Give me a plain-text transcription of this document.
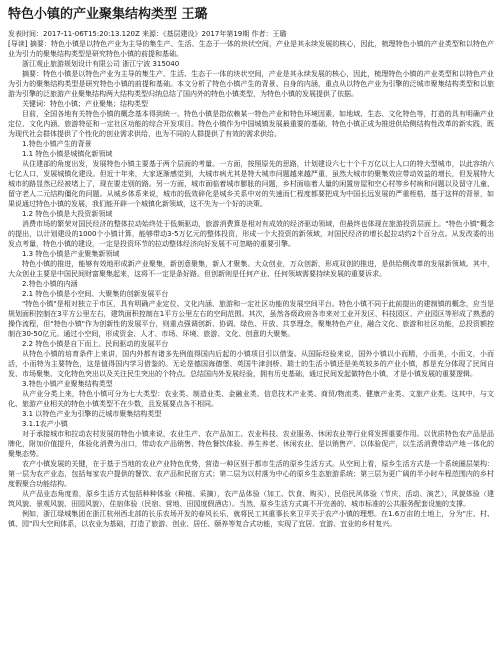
特色小镇的产业聚集结构类型 王璐
发表时间：2017-11-06T15:20:13.120Z 来源：《基层建设》2017年第19期 作者：王璐

[导读] 摘要：特色小镇是以特色产业为主导的集生产、生活、生态于一体的块状空间，产业是其永续发展的核心，因此，梳理特色小镇的产业类型和以特色产业为引力的聚集结构类型是研究特色小镇的前提和基础。

浙江观止旅游规划设计有限公司 浙江宁波 315040

摘要：特色小镇是以特色产业为主导的集生产、生活、生态于一体的块状空间，产业是其永续发展的核心，因此，梳理特色小镇的产业类型和以特色产业为引力的聚集结构类型是研究特色小镇的前提和基础。本文分析了特色小镇产生的背景、自身的内涵，重点从以特色产业为引擎的泛城市聚集结构类型和以旅游为引擎的泛旅游产业聚集结构两大结构类型归纳总结了国内外的特色小镇类型，为特色小镇的发展提供了依据。

关键词：特色小镇；产业聚集；结构类型

目前，全国各地有关特色小镇的概念基本得到统一。特色小镇是指依赖某一特色产业和特色环境因素，如地域、生态、文化特色等，打造的具有明确产业定位、文化内涵、旅游特征和一定社区功能的综合开发项目。特色小镇作为中国城镇发展最重要的基础，特色小镇正成为推进供给侧结构性改革的新实践，既为现代社会群体提供了个性化的创业需求供给，也为不同的人群提供了有效的需求供给。

1.特色小镇产生的背景

1.1 特色小镇是城镇化新领域

从住建部的角度出发，发展特色小镇主要基于两个层面的考量。一方面，按照原先的思路，计划建设六七十个千万亿以上人口的特大型城市，以此容纳六七亿人口，发展城镇化建设。但近十年来，大家逐渐感觉到，大城市病尤其是特大城市问题越来越严重，虽然大城市的聚集效应带动效益的增长，但发展特大城市的路显然已经被堵上了，现在要走别的路。另一方面，城市面临着城市膨胀的问题，乡村面临着人量的闲置房屋和空心村等乡村病和问题以及留守儿童、留守老人二元结构僵化的问题。从城乡体系来说，城市的低效碎化是城乡关系中对的失速而仁程度都要把成为中国长远发展的严重桎梏，基于这样的背景，如果说通过特色小镇的发展，我们能开辟一个城镇化新领域，这不失为一个好的决策。

1.2 特色小镇是大投资新领域

消费市场的繁荣对国民经济的整体拉动始终处于低频驱动，旅游消费算是相对有成效的经济驱动领域，但最终也体现在旅游投资层面上。"特色小镇"概念的提出，以计划建设的1000个小镇计算，能够带动3-5万亿元的整体投资，形成一个大投资的新领域，对国民经济的增长起拉动约2个百分点。从发改委的出发点考量，特色小镇的建设，一定是投资环节的拉动整体经济向好发展不可忽略的重要引擎。

1.3 特色小镇是产业聚集新领域

特色小镇的推进，能够有效地形成新产业聚集，新创意聚集，新人才聚集。大众创业，万众创新，形成双创的推进，是供给侧改革的发展新领域。其中，大众创业主要是中国民间财富聚集起来，这将不一定是条好路。但创新则是任何产业、任何领域需要持续发展的重要诉求。

2.特色小镇的内涵

2.1 特色小镇是小空间、大聚集的创新发展平台

"特色小镇"是相对独立于市区，具有明确产业定位、文化内涵、旅游和一定社区功能的发展空间平台。特色小镇不同于此前提出的建制镇的概念，应当是规划面积控制在3平方公里左右，建筑面积控制在1平方公里左右的空间范围。其次，虽然各级政府各市来对工业开发区、科技园区、产业园区等形成了熟悉的操作流程，但"特色小镇"作为创新性的发展平台，则重点强调创新、协调、绿色、开放、共享理念，聚集特色产业，融合文化、旅游和社区功能，总投资额控制在30-50亿元。通过小空间，形成资金、人才、市场、环境、旅游、文化、创意的大聚集。

2.2 特色小镇是自下而上、民间驱动的发展平台

从特色小镇的培育条件上来讲，国内外都有诸多先例值得国内后起的小镇项目引以借鉴。从国际经验来说，国外小镇以小而精，小而美，小而文，小而活，小而特为主要特色，这是值得国内学习借鉴的。无论是德国海德堡、英国牛津剑桥、瑞士的生活小镇还是美英较多的产业小镇，都是充分体现了民间自发、市场聚集、文化特色突出以及关注民生突出的个特点。总结国内外发展经验，拥有历史基础，通过民间发起做特色小镇，才是小镇发展的重要逻辑。

3.特色小镇产业聚集结构类型

从产业分类上来，特色小镇可分为七大类型：农业类、制造业类、金融业类、信息技术产业类、商贸/物流类、健康产业类、文旅产业类。这其中，与文化、旅游产业相关的特色小镇类型不在少数，且发展要点各不相同。

3.1 以特色产业为引擎的泛城市聚集结构类型

3.1.1农产小镇

对于承接城市和拉动农村发展的特色小镇来说，农业生产、农产品加工、农业科技、农业服务、休闲农业等行业将发挥重要作用。以优质特色农产品是品牌化，附加价值提升，体验化消费为出口，带动农产品销售、特色餐饮体验、养生养老、休闲农业、是以销售产、以体验促产，以生活消费带动产地一体化的聚集态势。

农产小镇发展的关键，在于基于当地的农业产业特色优势，营造一种区别于都市生活的原乡生活方式。从空间上看，原乡生活方式是一个系统圈层架构：第一层为农产业态，包括每家农户提供的餐饮、农产品和民宿方式；第二层为以村落为中心的原乡生态旅游系统；第三层为更广阔的半小时车程范围内的乡村度假聚合功能结构。

从产品业态角度看，原乡生活方式包括种种体验（种植、采摘），农产品体验（加工、饮食、购买），民俗民风体验（节庆、活动、演艺），风貌体验（建筑风貌、景观风貌、田园风貌），住宿体验（民宿、营地、田园度假酒店）。当然，原乡生活方式离不开完善的、城市标准的公共服务配套设施的支撑。

例如，浙江绿城集团在浙江杭州西北部的长乐农场开发的春风长乐，就将民工其重事长来卫平关于农产小镇的理想。在1.6万亩的土地上，分为"庄、村、镇、园"四大空间体系，以农业为基础，打造了旅游、创业、居任、颐养等复合式功能，实现了宜居、宜游、宜业的乡村复兴。
